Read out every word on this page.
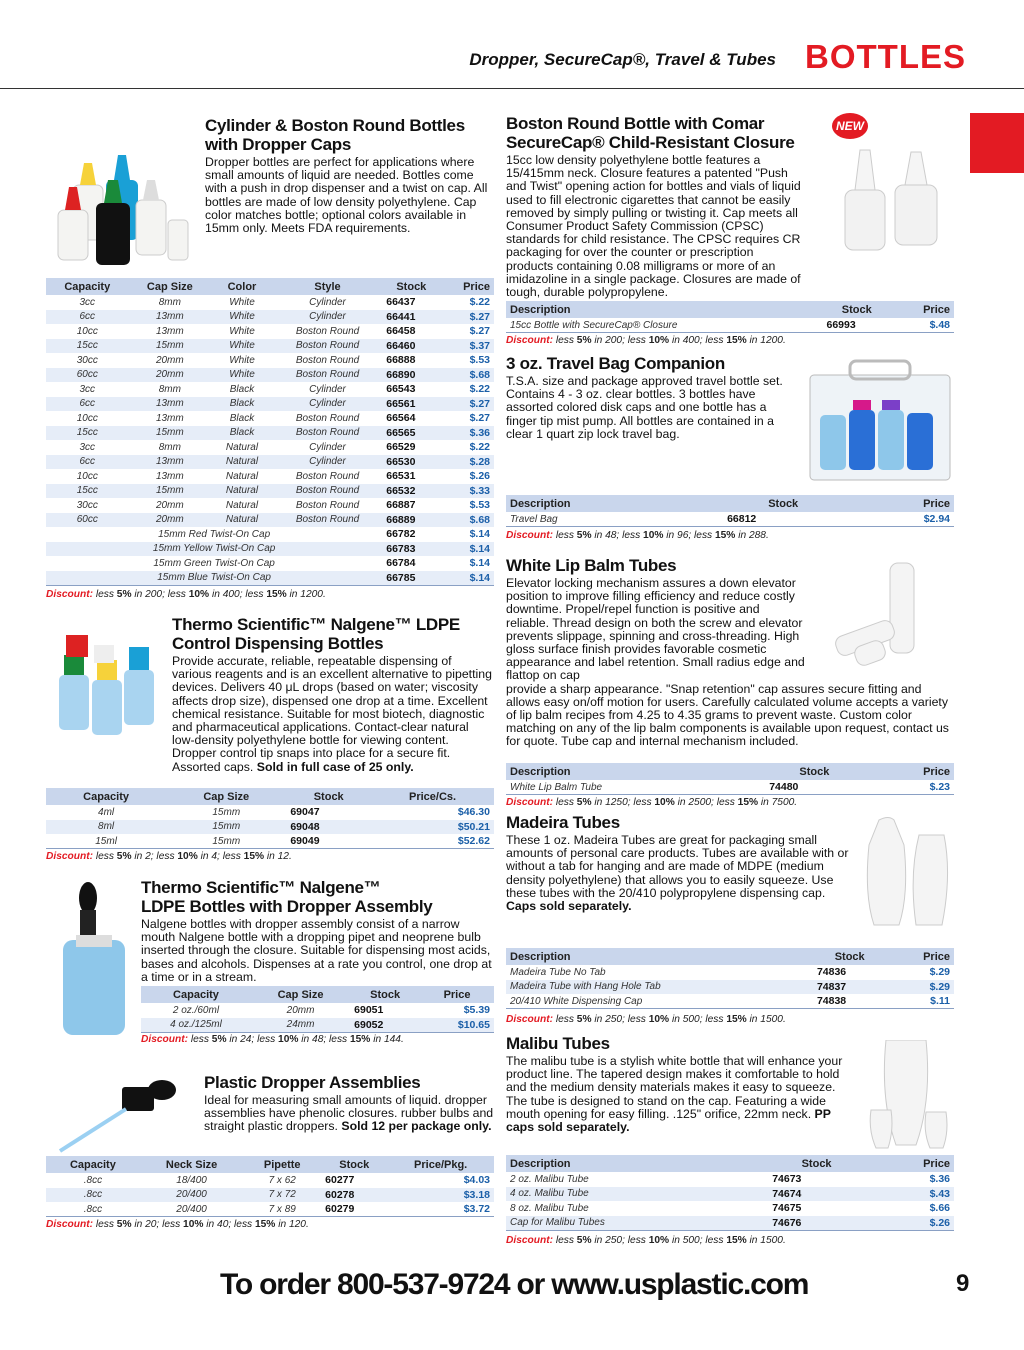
Dropper, SecureCap®, Travel & Tubes BOTTLES
Cylinder & Boston Round Bottles
with Dropper Caps

Dropper bottles are perfect for applications where small amounts of liquid are needed. Bottles come with a push in drop dispenser and a twist on cap. All bottles are made of low density polyethylene. Cap color matches bottle; optional colors available in 15mm only. Meets FDA requirements.

Capacity	Cap Size	Color	Style	Stock	Price
3cc	8mm	White	Cylinder	66437	$.22
6cc	13mm	White	Cylinder	66441	$.27
10cc	13mm	White	Boston Round	66458	$.27
15cc	15mm	White	Boston Round	66460	$.37
30cc	20mm	White	Boston Round	66888	$.53
60cc	20mm	White	Boston Round	66890	$.68
3cc	8mm	Black	Cylinder	66543	$.22
6cc	13mm	Black	Cylinder	66561	$.27
10cc	13mm	Black	Boston Round	66564	$.27
15cc	15mm	Black	Boston Round	66565	$.36
3cc	8mm	Natural	Cylinder	66529	$.22
6cc	13mm	Natural	Cylinder	66530	$.28
10cc	13mm	Natural	Boston Round	66531	$.26
15cc	15mm	Natural	Boston Round	66532	$.33
30cc	20mm	Natural	Boston Round	66887	$.53
60cc	20mm	Natural	Boston Round	66889	$.68
15mm Red Twist-On Cap				66782	$.14
15mm Yellow Twist-On Cap				66783	$.14
15mm Green Twist-On Cap				66784	$.14
15mm Blue Twist-On Cap				66785	$.14
Discount: less 5% in 200; less 10% in 400; less 15% in 1200.
Thermo Scientific™ Nalgene™ LDPE
Control Dispensing Bottles

Provide accurate, reliable, repeatable dispensing of various reagents and is an excellent alternative to pipetting devices. Delivers 40 μL drops (based on water; viscosity affects drop size), dispensed one drop at a time. Excellent chemical resistance. Suitable for most biotech, diagnostic and pharmaceutical applications. Contact-clear natural low-density polyethylene bottle for viewing content. Dropper control tip snaps into place for a secure fit. Assorted caps. Sold in full case of 25 only.

Capacity	Cap Size	Stock	Price/Cs.
4ml	15mm	69047	$46.30
8ml	15mm	69048	$50.21
15ml	15mm	69049	$52.62
Discount: less 5% in 2; less 10% in 4; less 15% in 12.
Thermo Scientific™ Nalgene™
LDPE Bottles with Dropper Assembly

Nalgene bottles with dropper assembly consist of a narrow mouth Nalgene bottle with a dropping pipet and neoprene bulb inserted through the closure. Suitable for dispensing most acids, bases and alcohols. Dispenses at a rate you control, one drop at a time or in a stream.

Capacity	Cap Size	Stock	Price
2 oz./60ml	20mm	69051	$5.39
4 oz./125ml	24mm	69052	$10.65
Discount: less 5% in 24; less 10% in 48; less 15% in 144.
Plastic Dropper Assemblies

Ideal for measuring small amounts of liquid. dropper assemblies have phenolic closures. rubber bulbs and straight plastic droppers. Sold 12 per package only.

Capacity	Neck Size	Pipette	Stock	Price/Pkg.
.8cc	18/400	7 x 62	60277	$4.03
.8cc	20/400	7 x 72	60278	$3.18
.8cc	20/400	7 x 89	60279	$3.72
Discount: less 5% in 20; less 10% in 40; less 15% in 120.
NEW
Boston Round Bottle with Comar
SecureCap® Child-Resistant Closure

15cc low density polyethylene bottle features a 15/415mm neck. Closure features a patented "Push and Twist" opening action for bottles and vials of liquid used to fill electronic cigarettes that cannot be easily removed by simply pulling or twisting it. Cap meets all Consumer Product Safety Commission (CPSC) standards for child resistance. The CPSC requires CR packaging for over the counter or prescription products containing 0.08 milligrams or more of an imidazoline in a single package. Closures are made of tough, durable polypropylene.

Description	Stock	Price
15cc Bottle with SecureCap® Closure	66993	$.48
Discount: less 5% in 200; less 10% in 400; less 15% in 1200.
3 oz. Travel Bag Companion

T.S.A. size and package approved travel bottle set. Contains 4 - 3 oz. clear bottles. 3 bottles have assorted colored disk caps and one bottle has a finger tip mist pump. All bottles are contained in a clear 1 quart zip lock travel bag.

Description	Stock	Price
Travel Bag	66812	$2.94
Discount: less 5% in 48; less 10% in 96; less 15% in 288.
White Lip Balm Tubes

Elevator locking mechanism assures a down elevator position to improve filling efficiency and reduce costly downtime. Propel/repel function is positive and reliable. Thread design on both the screw and elevator prevents slippage, spinning and cross-threading. High gloss surface finish provides favorable cosmetic appearance and label retention. Small radius edge and flattop on cap

provide a sharp appearance. "Snap retention" cap assures secure fitting and allows easy on/off motion for users. Carefully calculated volume accepts a variety of lip balm recipes from 4.25 to 4.35 grams to prevent waste. Custom color matching on any of the lip balm components is available upon request, contact us for quote. Tube cap and internal mechanism included.

Description	Stock	Price
White Lip Balm Tube	74480	$.23
Discount: less 5% in 1250; less 10% in 2500; less 15% in 7500.
Madeira Tubes

These 1 oz. Madeira Tubes are great for packaging small amounts of personal care products. Tubes are available with or without a tab for hanging and are made of MDPE (medium density polyethylene) that allows you to easily squeeze. Use these tubes with the 20/410 polypropylene dispensing cap. Caps sold separately.

Description	Stock	Price
Madeira Tube No Tab	74836	$.29
Madeira Tube with Hang Hole Tab	74837	$.29
20/410 White Dispensing Cap	74838	$.11
Discount: less 5% in 250; less 10% in 500; less 15% in 1500.
Malibu Tubes

The malibu tube is a stylish white bottle that will enhance your product line. The tapered design makes it comfortable to hold and the medium density materials makes it easy to squeeze. The tube is designed to stand on the cap. Featuring a wide mouth opening for easy filling. .125" orifice, 22mm neck. PP caps sold separately.

Description	Stock	Price
2 oz. Malibu Tube	74673	$.36
4 oz. Malibu Tube	74674	$.43
8 oz. Malibu Tube	74675	$.66
Cap for Malibu Tubes	74676	$.26
Discount: less 5% in 250; less 10% in 500; less 15% in 1500.
To order 800-537-9724 or www.usplastic.com	9
